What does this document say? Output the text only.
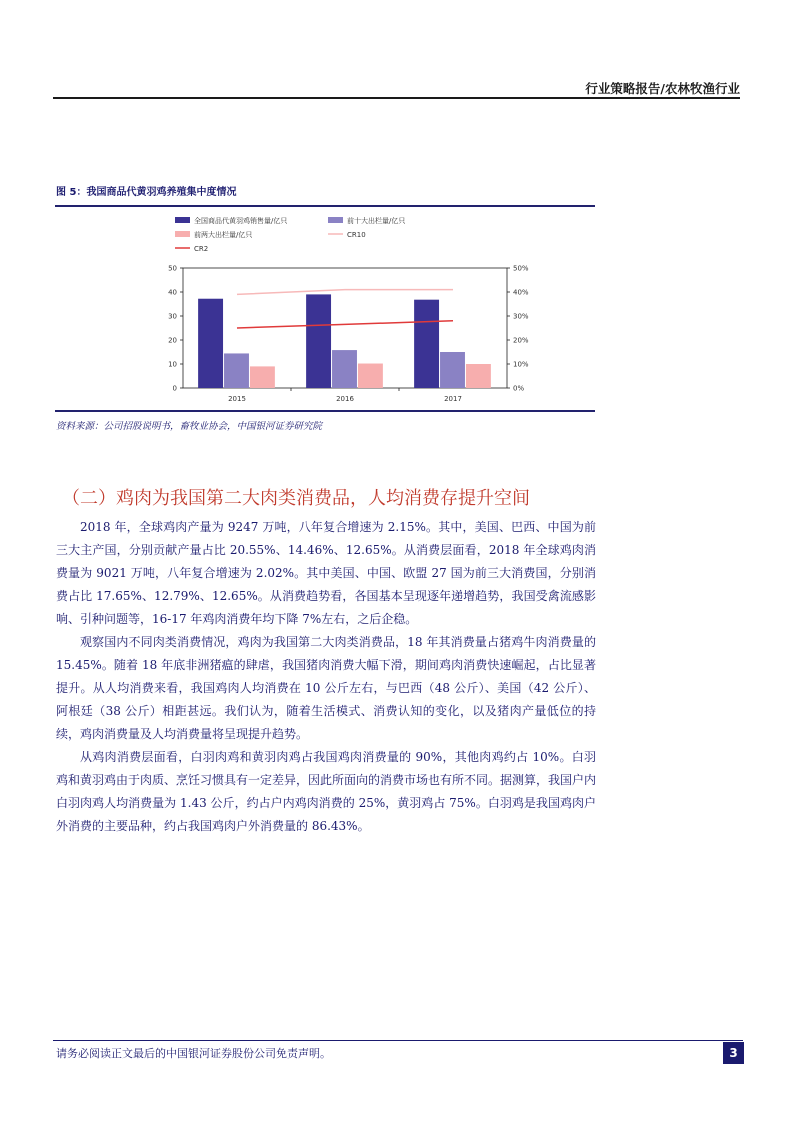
行业策略报告/农林牧渔行业
图 5：我国商品代黄羽鸡养殖集中度情况
全国商品代黄羽鸡销售量/亿只	前十大出栏量/亿只
前两大出栏量/亿只	CR10
CR2
0
10
20
30
40
50
0%
10%
20%
30%
40%
50%
2015	2016	2017
资料来源：公司招股说明书，畜牧业协会，中国银河证券研究院
（二）鸡肉为我国第二大肉类消费品，人均消费存提升空间

2018 年，全球鸡肉产量为 9247 万吨，八年复合增速为 2.15%。其中，美国、巴西、中国为前三大主产国，分别贡献产量占比 20.55%、14.46%、12.65%。从消费层面看，2018 年全球鸡肉消费量为 9021 万吨，八年复合增速为 2.02%。其中美国、中国、欧盟 27 国为前三大消费国，分别消费占比 17.65%、12.79%、12.65%。从消费趋势看，各国基本呈现逐年递增趋势，我国受禽流感影响、引种问题等，16-17 年鸡肉消费年均下降 7%左右，之后企稳。

观察国内不同肉类消费情况，鸡肉为我国第二大肉类消费品，18 年其消费量占猪鸡牛肉消费量的 15.45%。随着 18 年底非洲猪瘟的肆虐，我国猪肉消费大幅下滑，期间鸡肉消费快速崛起，占比显著提升。从人均消费来看，我国鸡肉人均消费在 10 公斤左右，与巴西（48 公斤）、美国（42 公斤）、阿根廷（38 公斤）相距甚远。我们认为，随着生活模式、消费认知的变化，以及猪肉产量低位的持续，鸡肉消费量及人均消费量将呈现提升趋势。

从鸡肉消费层面看，白羽肉鸡和黄羽肉鸡占我国鸡肉消费量的 90%，其他肉鸡约占 10%。白羽鸡和黄羽鸡由于肉质、烹饪习惯具有一定差异，因此所面向的消费市场也有所不同。据测算，我国户内白羽肉鸡人均消费量为 1.43 公斤，约占户内鸡肉消费的 25%，黄羽鸡占 75%。白羽鸡是我国鸡肉户外消费的主要品种，约占我国鸡肉户外消费量的 86.43%。

请务必阅读正文最后的中国银河证券股份公司免责声明。	3
